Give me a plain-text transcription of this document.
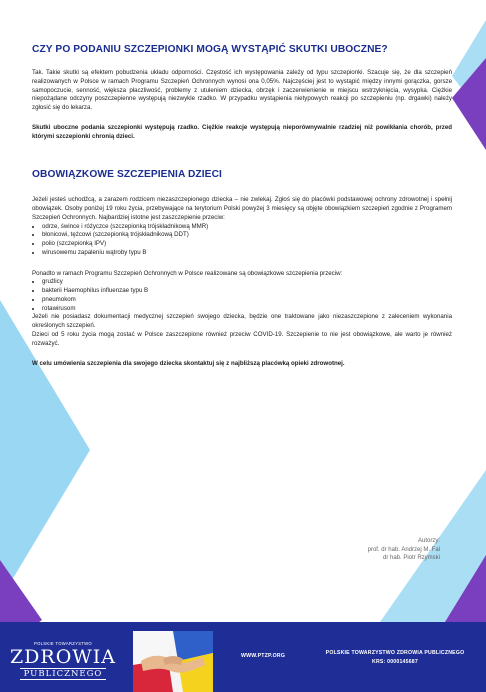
CZY PO PODANIU SZCZEPIONKI MOGĄ WYSTĄPIĆ SKUTKI UBOCZNE?

Tak. Takie skutki są efektem pobudzenia układu odporności. Częstość ich występowania zależy od typu szczepionki. Szacuje się, że dla szczepień realizowanych w Polsce w ramach Programu Szczepień Ochronnych wynosi ona 0,05%. Najczęściej jest to wystąpić między innymi gorączka, gorsze samopoczucie, senność, większa płaczliwość, problemy z utuleniem dziecka, obrzęk i zaczerwienienie w miejscu wstrzyknięcia, wysypka. Ciężkie niepożądane odczyny poszczepienne występują niezwykle rzadko. W przypadku wystąpienia nietypowych reakcji po szczepieniu (np. drgawki) należy zgłosić się do lekarza.

Skutki uboczne podania szczepionki występują rzadko. Ciężkie reakcje występują nieporównywalnie rzadziej niż powikłania chorób, przed którymi szczepionki chronią dzieci.

OBOWIĄZKOWE SZCZEPIENIA DZIECI

Jeżeli jesteś uchodźcą, a zarazem rodzicem niezaszczepionego dziecka – nie zwlekaj. Zgłoś się do placówki podstawowej ochrony zdrowotnej i spełnij obowiązek. Osoby poniżej 19 roku życia, przebywające na terytorium Polski powyżej 3 miesięcy są objęte obowiązkiem szczepień zgodnie z Programem Szczepień Ochronnych. Najbardziej istotne jest zaszczepienie przeciw:

• odrze, śwince i różyczce (szczepionką trójskładnikową MMR)
• błonicowi, tężcowi (szczepionką trójskładnikową DDT)
• polio (szczepionką IPV)
• wirusowemu zapaleniu wątroby typu B

Ponadto w ramach Programu Szczepień Ochronnych w Polsce realizowane są obowiązkowe szczepienia przeciw:

• gruźlicy
• bakterii Haemophilus influenzae typu B
• pneumokom
• rotawirusom

Jeżeli nie posiadasz dokumentacji medycznej szczepień swojego dziecka, będzie one traktowane jako niezaszczepione z zaleceniem wykonania określonych szczepień.

Dzieci od 5 roku życia mogą zostać w Polsce zaszczepione również przeciw COVID-19. Szczepienie to nie jest obowiązkowe, ale warto je również rozważyć.

W celu umówienia szczepienia dla swojego dziecka skontaktuj się z najbliższą placówką opieki zdrowotnej.

Autorzy:
prof. dr hab. Andrzej M. Fal
dr hab. Piotr Rzymski
POLSKIE TOWARZYSTWO
ZDROWIA
PUBLICZNEGO
WWW.PTZP.ORG	POLSKIE TOWARZYSTWO ZDROWIA PUBLICZNEGO
KRS: 0000145687
